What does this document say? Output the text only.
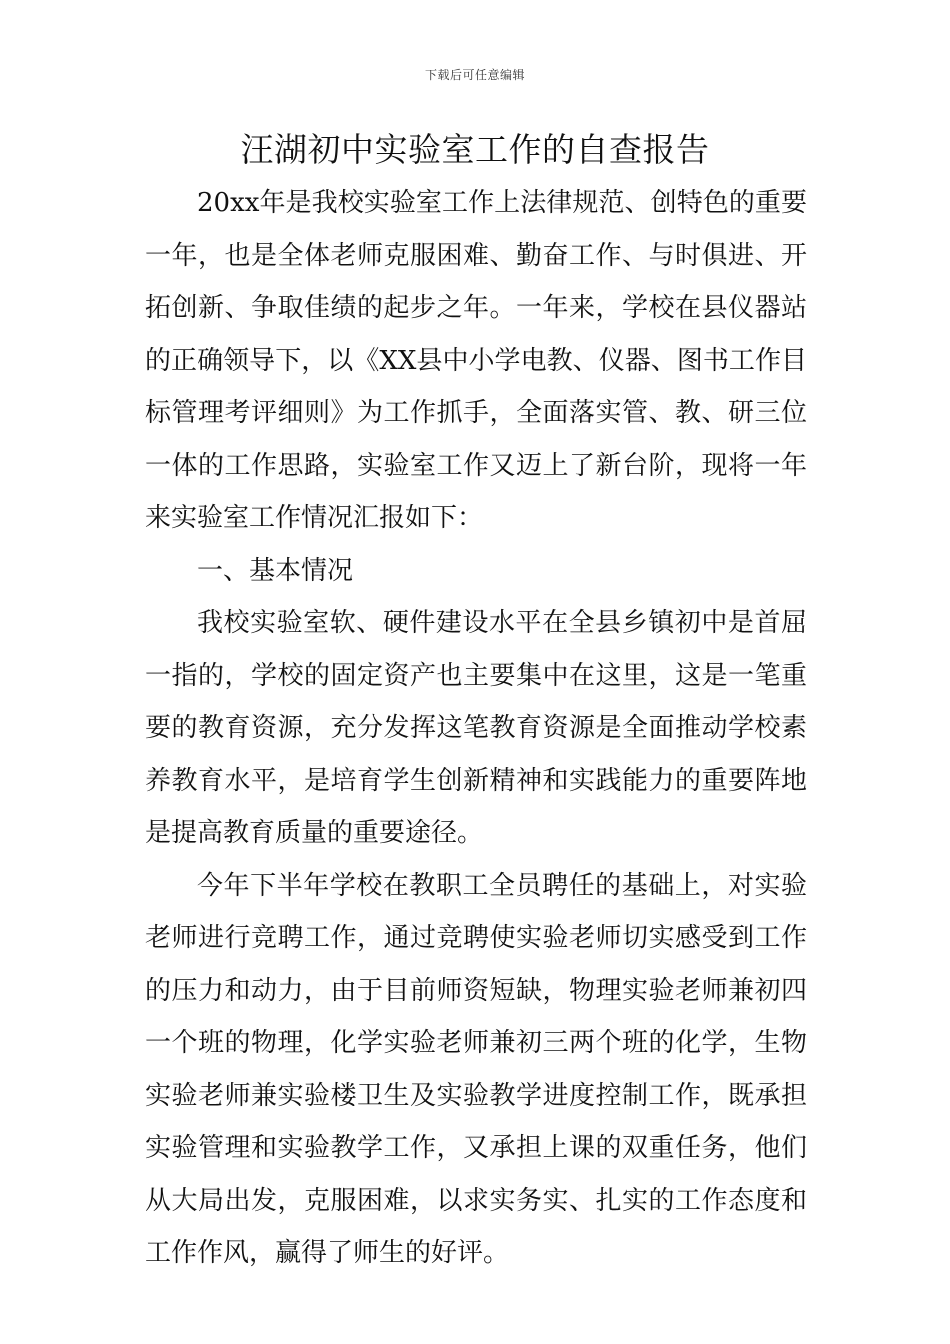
下载后可任意编辑
汪湖初中实验室工作的自查报告

20xx年是我校实验室工作上法律规范、创特色的重要一年，也是全体老师克服困难、勤奋工作、与时俱进、开拓创新、争取佳绩的起步之年。一年来，学校在县仪器站的正确领导下，以《XX县中小学电教、仪器、图书工作目标管理考评细则》为工作抓手，全面落实管、教、研三位一体的工作思路，实验室工作又迈上了新台阶，现将一年来实验室工作情况汇报如下：

一、基本情况

我校实验室软、硬件建设水平在全县乡镇初中是首屈一指的，学校的固定资产也主要集中在这里，这是一笔重要的教育资源，充分发挥这笔教育资源是全面推动学校素养教育水平，是培育学生创新精神和实践能力的重要阵地是提高教育质量的重要途径。

今年下半年学校在教职工全员聘任的基础上，对实验老师进行竞聘工作，通过竞聘使实验老师切实感受到工作的压力和动力，由于目前师资短缺，物理实验老师兼初四一个班的物理，化学实验老师兼初三两个班的化学，生物实验老师兼实验楼卫生及实验教学进度控制工作，既承担实验管理和实验教学工作，又承担上课的双重任务，他们从大局出发，克服困难，以求实务实、扎实的工作态度和工作作风，赢得了师生的好评。
